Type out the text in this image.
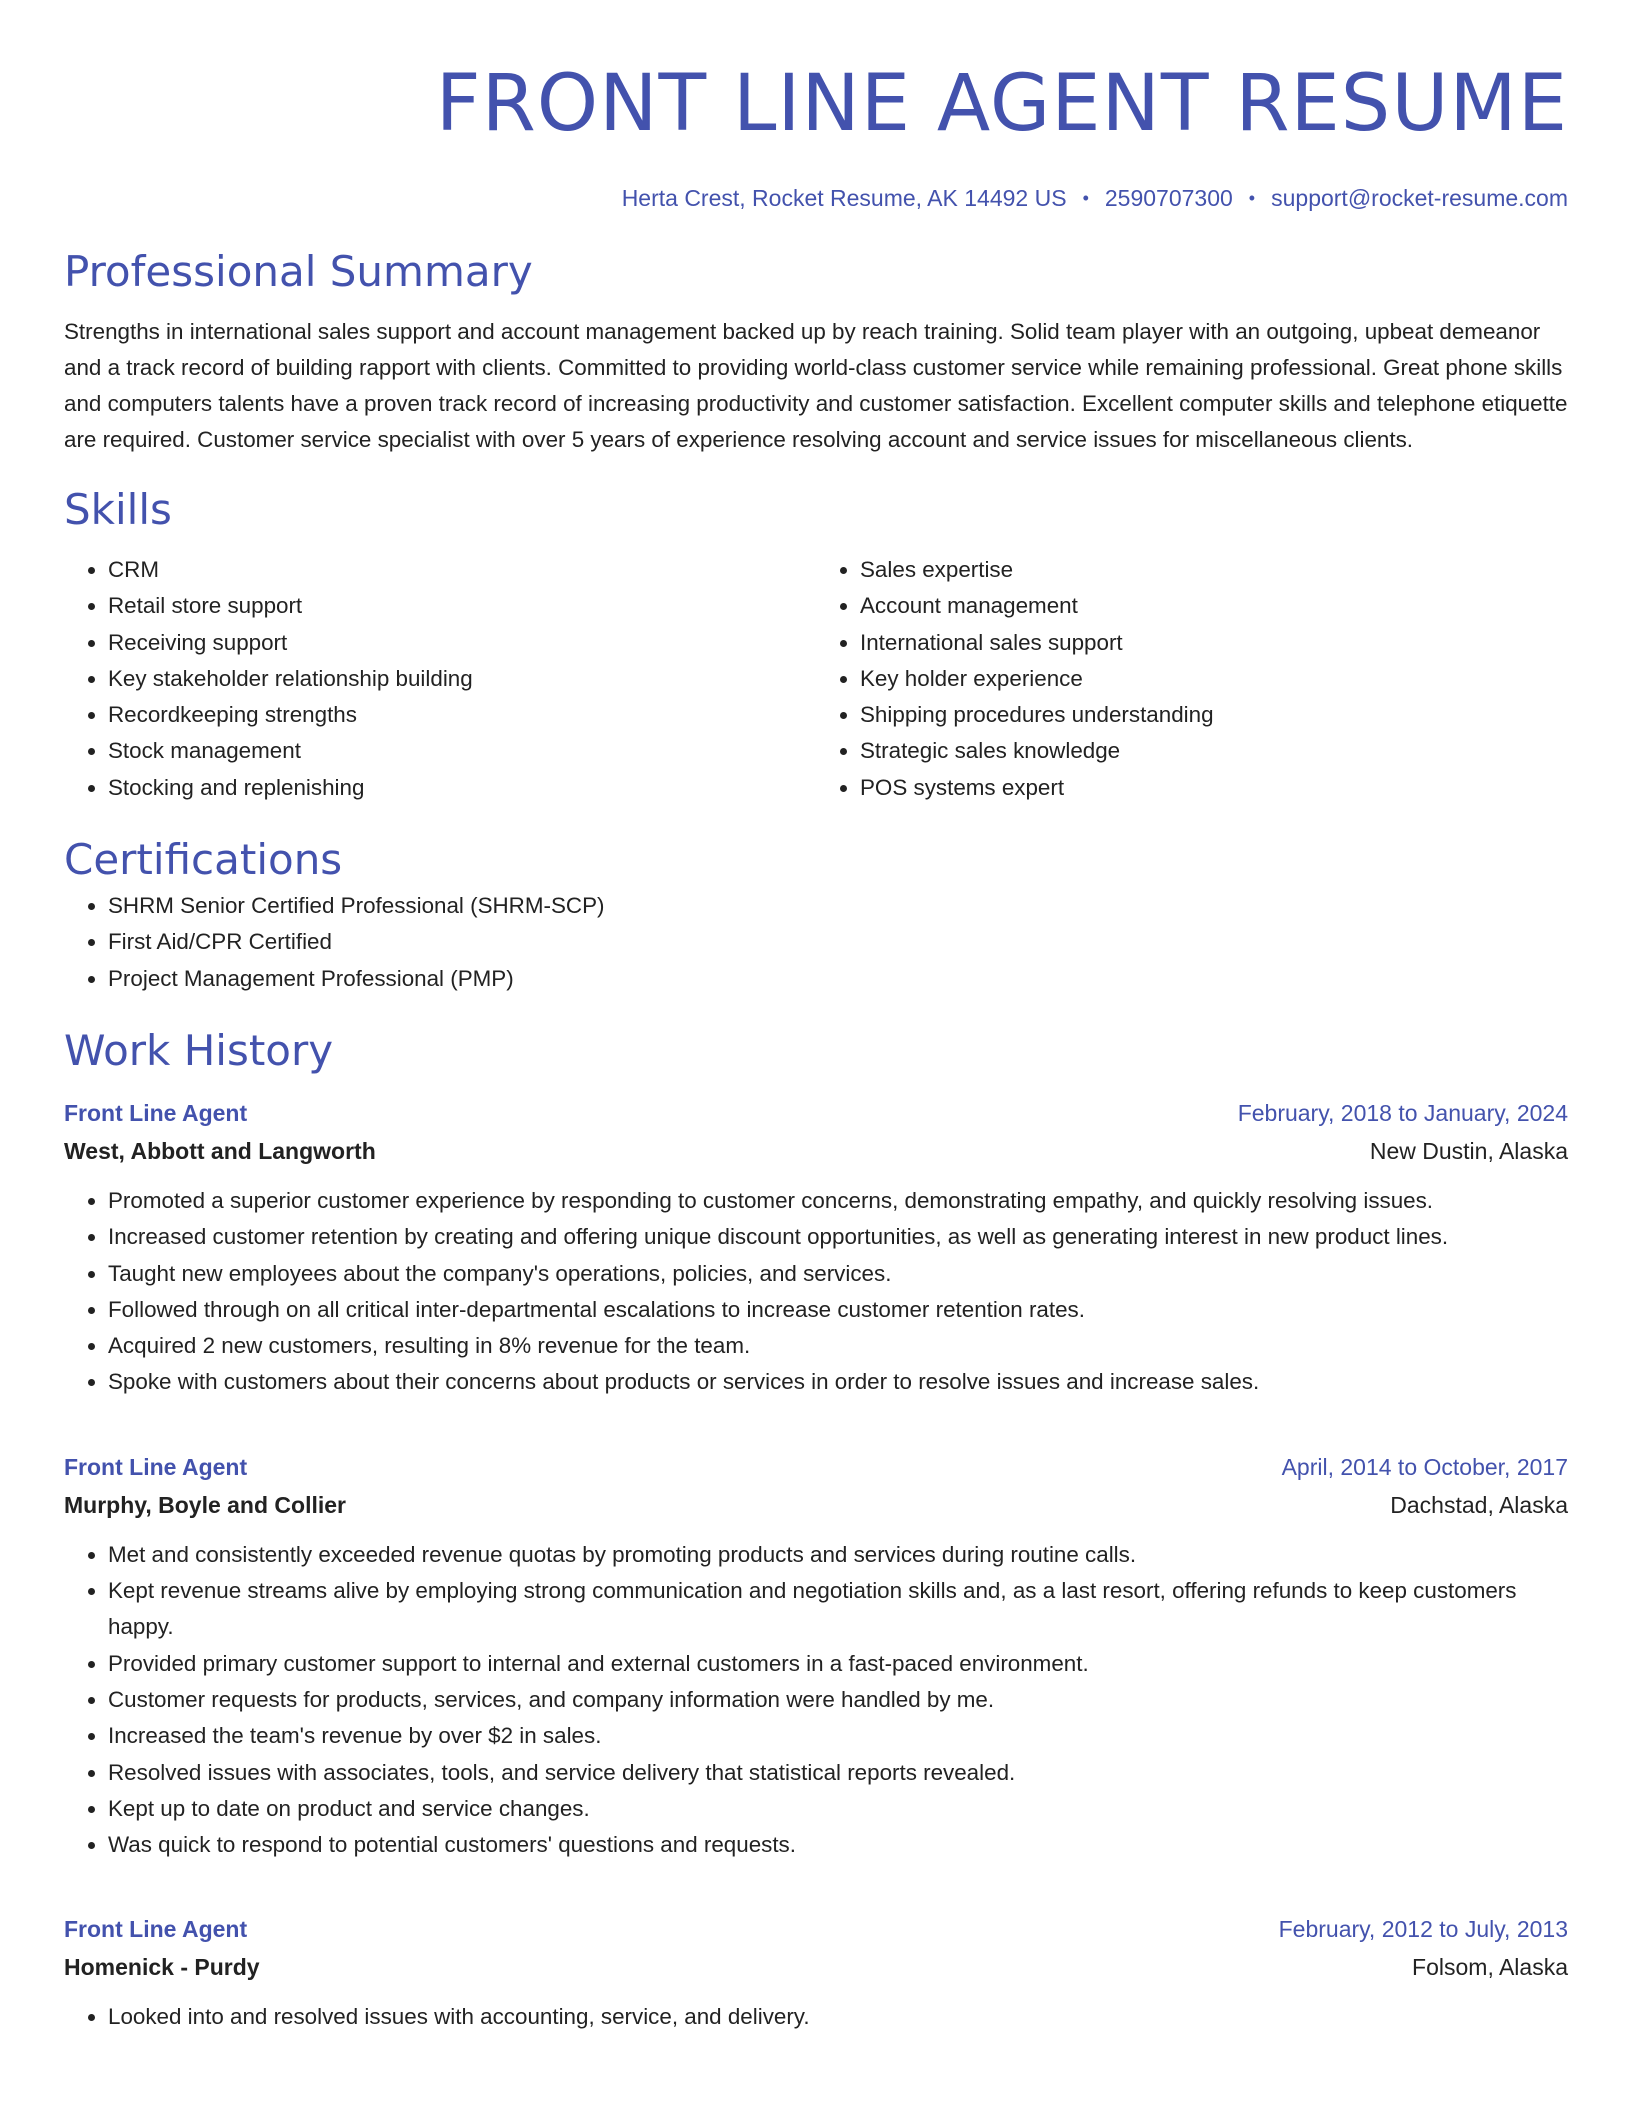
FRONT LINE AGENT RESUME
Herta Crest, Rocket Resume, AK 14492 US • 2590707300 • support@rocket-resume.com
Professional Summary

Strengths in international sales support and account management backed up by reach training. Solid team player with an outgoing, upbeat demeanor and a track record of building rapport with clients. Committed to providing world-class customer service while remaining professional. Great phone skills and computers talents have a proven track record of increasing productivity and customer satisfaction. Excellent computer skills and telephone etiquette are required. Customer service specialist with over 5 years of experience resolving account and service issues for miscellaneous clients.

Skills
• CRM
• Retail store support
• Receiving support
• Key stakeholder relationship building
• Recordkeeping strengths
• Stock management
• Stocking and replenishing
• Sales expertise
• Account management
• International sales support
• Key holder experience
• Shipping procedures understanding
• Strategic sales knowledge
• POS systems expert
Certifications
• SHRM Senior Certified Professional (SHRM-SCP)
• First Aid/CPR Certified
• Project Management Professional (PMP)
Work History
Front Line Agent	February, 2018 to January, 2024
West, Abbott and Langworth	New Dustin, Alaska
• Promoted a superior customer experience by responding to customer concerns, demonstrating empathy, and quickly resolving issues.
• Increased customer retention by creating and offering unique discount opportunities, as well as generating interest in new product lines.
• Taught new employees about the company's operations, policies, and services.
• Followed through on all critical inter-departmental escalations to increase customer retention rates.
• Acquired 2 new customers, resulting in 8% revenue for the team.
• Spoke with customers about their concerns about products or services in order to resolve issues and increase sales.
Front Line Agent	April, 2014 to October, 2017
Murphy, Boyle and Collier	Dachstad, Alaska
• Met and consistently exceeded revenue quotas by promoting products and services during routine calls.
• Kept revenue streams alive by employing strong communication and negotiation skills and, as a last resort, offering refunds to keep customers happy.
• Provided primary customer support to internal and external customers in a fast-paced environment.
• Customer requests for products, services, and company information were handled by me.
• Increased the team's revenue by over $2 in sales.
• Resolved issues with associates, tools, and service delivery that statistical reports revealed.
• Kept up to date on product and service changes.
• Was quick to respond to potential customers' questions and requests.
Front Line Agent	February, 2012 to July, 2013
Homenick - Purdy	Folsom, Alaska
• Looked into and resolved issues with accounting, service, and delivery.
